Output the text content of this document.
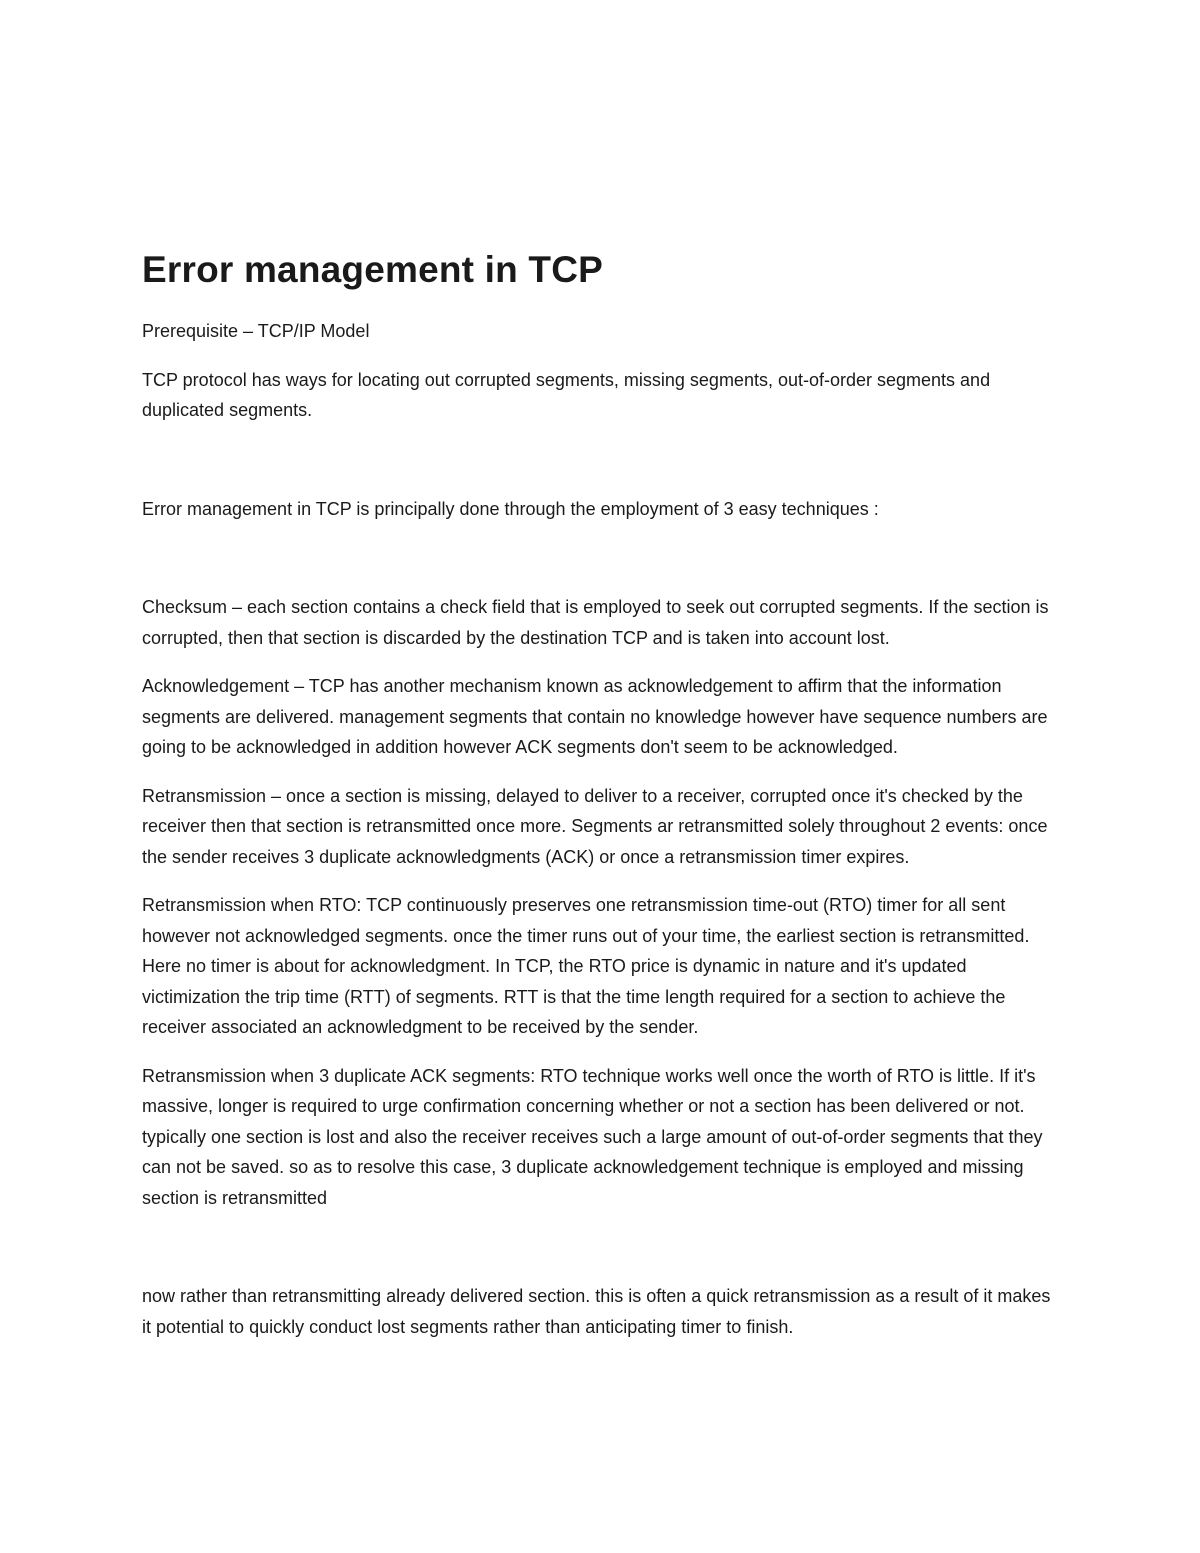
Error management in TCP

Prerequisite – TCP/IP Model

TCP protocol has ways for locating out corrupted segments, missing segments, out-of-order segments and duplicated segments.

Error management in TCP is principally done through the employment of 3 easy techniques :

Checksum – each section contains a check field that is employed to seek out corrupted segments. If the section is corrupted, then that section is discarded by the destination TCP and is taken into account lost.

Acknowledgement – TCP has another mechanism known as acknowledgement to affirm that the information segments are delivered. management segments that contain no knowledge however have sequence numbers are going to be acknowledged in addition however ACK segments don't seem to be acknowledged.

Retransmission – once a section is missing, delayed to deliver to a receiver, corrupted once it's checked by the receiver then that section is retransmitted once more. Segments ar retransmitted solely throughout 2 events: once the sender receives 3 duplicate acknowledgments (ACK) or once a retransmission timer expires.

Retransmission when RTO: TCP continuously preserves one retransmission time-out (RTO) timer for all sent however not acknowledged segments. once the timer runs out of your time, the earliest section is retransmitted. Here no timer is about for acknowledgment. In TCP, the RTO price is dynamic in nature and it's updated victimization the trip time (RTT) of segments. RTT is that the time length required for a section to achieve the receiver associated an acknowledgment to be received by the sender.

Retransmission when 3 duplicate ACK segments: RTO technique works well once the worth of RTO is little. If it's massive, longer is required to urge confirmation concerning whether or not a section has been delivered or not. typically one section is lost and also the receiver receives such a large amount of out-of-order segments that they can not be saved. so as to resolve this case, 3 duplicate acknowledgement technique is employed and missing section is retransmitted

now rather than retransmitting already delivered section. this is often a quick retransmission as a result of it makes it potential to quickly conduct lost segments rather than anticipating timer to finish.
